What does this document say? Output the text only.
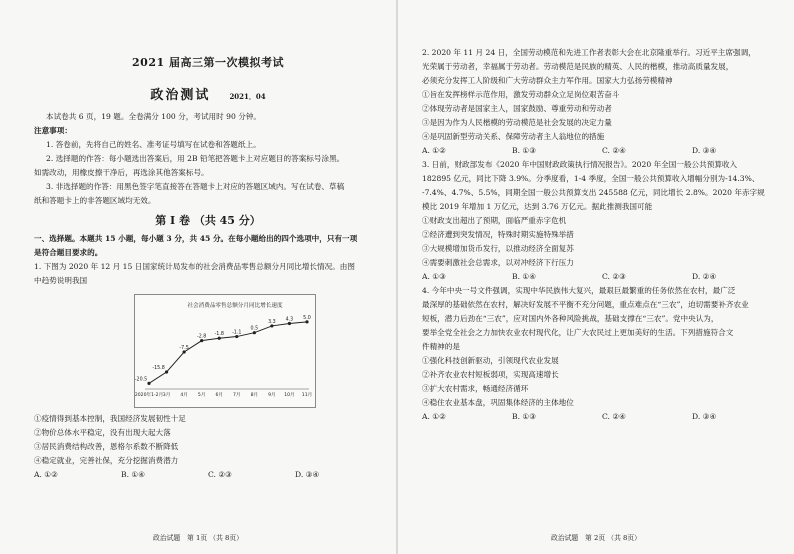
2021 届高三第一次模拟考试
政治测试	2021．04
本试卷共 6 页，19 题。全卷满分 100 分，考试用时 90 分钟。
注意事项：
1. 答卷前，先将自己的姓名、准考证号填写在试卷和答题纸上。
2. 选择题的作答：每小题选出答案后，用 2B 铅笔把答题卡上对应题目的答案标号涂黑。
如需改动，用橡皮擦干净后，再选涂其他答案标号。
3. 非选择题的作答：用黑色签字笔直接答在答题卡上对应的答题区域内。写在试卷、草稿
纸和答题卡上的非答题区域均无效。
第 Ⅰ 卷 （共 45 分）
一、选择题。本题共 15 小题，每小题 3 分，共 45 分。在每小题给出的四个选项中，只有一项
是符合题目要求的。
1. 下图为 2020 年 12 月 15 日国家统计局发布的社会消费品零售总额分月同比增长情况。由图
中趋势说明我国
社会消费品零售总额分月同比增长速度
-20.5
2020年1-2月
-15.8
3月
-7.5
4月
-2.8
5月
-1.8
6月
-1.1
7月
0.5
8月
3.3
9月
4.3
10月
5.0
11月
①疫情得到基本控制，我国经济发展韧性十足
②物价总体水平稳定，没有出现大起大落
③居民消费结构改善，恩格尔系数不断降低
④稳定就业，完善社保，充分挖掘消费潜力
A. ①②	B. ①④	C. ②③	D. ③④
政治试题　第 1页 （共 8页）
2. 2020 年 11 月 24 日，全国劳动模范和先进工作者表彰大会在北京隆重举行。习近平主席强调，
光荣属于劳动者，幸福属于劳动者。劳动模范是民族的精英、人民的楷模，推动高质量发展，
必须充分发挥工人阶级和广大劳动群众主力军作用。国家大力弘扬劳模精神
①旨在发挥榜样示范作用，激发劳动群众立足岗位艰苦奋斗
②体现劳动者是国家主人，国家鼓励、尊重劳动和劳动者
③是因为作为人民楷模的劳动模范是社会发展的决定力量
④是巩固新型劳动关系、保障劳动者主人翁地位的措施
A. ①②	B. ①③	C. ②④	D. ③④
3. 日前，财政部发布《2020 年中国财政政策执行情况报告》。2020 年全国一般公共预算收入
182895 亿元，同比下降 3.9%。分季度看，1-4 季度，全国一般公共预算收入增幅分别为-14.3%、
-7.4%、4.7%、5.5%，同期全国一般公共预算支出 245588 亿元，同比增长 2.8%。2020 年赤字规
模比 2019 年增加 1 万亿元，达到 3.76 万亿元。据此推测我国可能
①财政支出超出了预期，面临严重赤字危机
②经济遭到突发情况，特殊时期实施特殊举措
③大规模增加货币发行，以推动经济全面复苏
④需要刺激社会总需求，以对冲经济下行压力
A. ①③	B. ①④	C. ②③	D. ②④
4. 今年中央一号文件强调，实现中华民族伟大复兴，最艰巨最繁重的任务依然在农村，最广泛
最深厚的基础依然在农村，解决好发展不平衡不充分问题，重点难点在“三农”，迫切需要补齐农业
短板，潜力后劲在“三农”，应对国内外各种风险挑战，基础支撑在“三农”。党中央认为，
要举全党全社会之力加快农业农村现代化，让广大农民过上更加美好的生活。下列措施符合文
件精神的是
①强化科技创新驱动，引领现代农业发展
②补齐农业农村短板弱项，实现高速增长
③扩大农村需求，畅通经济循环
④稳住农业基本盘，巩固集体经济的主体地位
A. ①②	B. ①③	C. ②④	D. ③④
政治试题　第 2页 （共 8页）
